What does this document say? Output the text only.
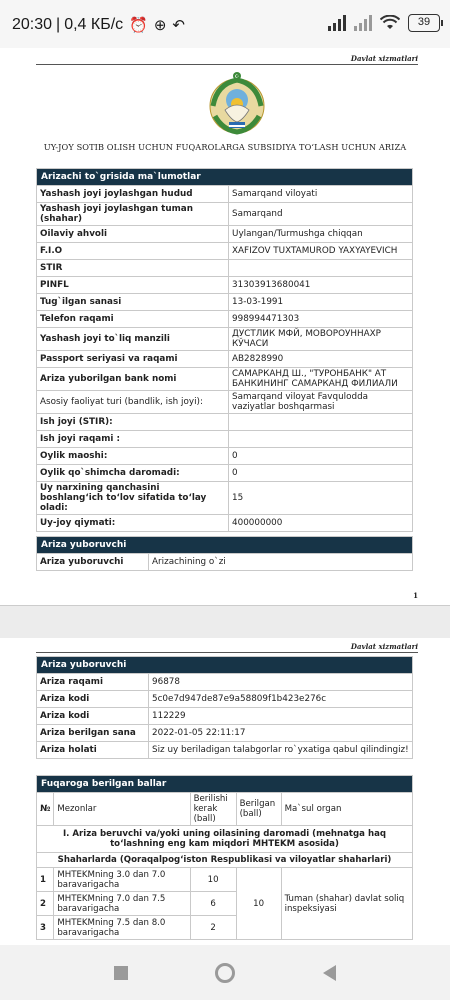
20:30 | 0,4 КБ/с ⏰ ⊕ ↶	39
Davlat xizmatlari
☪
UY-JOY SOTIB OLISH UCHUN FUQAROLARGA SUBSIDIYA TO‘LASH UCHUN ARIZA
Arizachi to`grisida ma`lumotlar	
Yashash joyi joylashgan hudud	Samarqand viloyati
Yashash joyi joylashgan tuman (shahar)	Samarqand
Oilaviy ahvoli	Uylangan/Turmushga chiqqan
F.I.O	XAFIZOV TUXTAMUROD YAXYAYEVICH
STIR	
PINFL	31303913680041
Tug`ilgan sanasi	13-03-1991
Telefon raqami	998994471303
Yashash joyi to`liq manzili	ДУСТЛИК МФЙ, МОВОРОУННАХР КЎЧАСИ
Passport seriyasi va raqami	AB2828990
Ariza yuborilgan bank nomi	САМАРКАНД Ш., "ТУРОНБАНК" АТ БАНКИНИНГ САМАРКАНД ФИЛИАЛИ
Asosiy faoliyat turi (bandlik, ish joyi):	Samarqand viloyat Favqulodda vaziyatlar boshqarmasi
Ish joyi (STIR):	
Ish joyi raqami :	
Oylik maoshi:	0
Oylik qo`shimcha daromadi:	0
Uy narxining qanchasini boshlang‘ich to‘lov sifatida to‘lay oladi:	15
Uy-joy qiymati:	400000000
Ariza yuboruvchi
Ariza yuboruvchi	Arizachining o`zi
1
Davlat xizmatlari
Ariza yuboruvchi	
Ariza raqami	96878
Ariza kodi	5c0e7d947de87e9a58809f1b423e276c
Ariza kodi	112229
Ariza berilgan sana	2022-01-05 22:11:17
Ariza holati	Siz uy beriladigan talabgorlar ro`yxatiga qabul qilindingiz!
Fuqaroga berilgan ballar				
№	Mezonlar	Berilishi kerak (ball)	Berilgan (ball)	Ma`sul organ
I. Ariza beruvchi va/yoki uning oilasining daromadi (mehnatga haq to‘lashning eng kam miqdori MHTEKM asosida)				
Shaharlarda (Qoraqalpog‘iston Respublikasi va viloyatlar shaharlari)				
1	MHTEKMning 3.0 dan 7.0 baravarigacha	10	10	Tuman (shahar) davlat soliq inspeksiyasi
2	MHTEKMning 7.0 dan 7.5 baravarigacha	6		
3	MHTEKMning 7.5 dan 8.0 baravarigacha	2		
